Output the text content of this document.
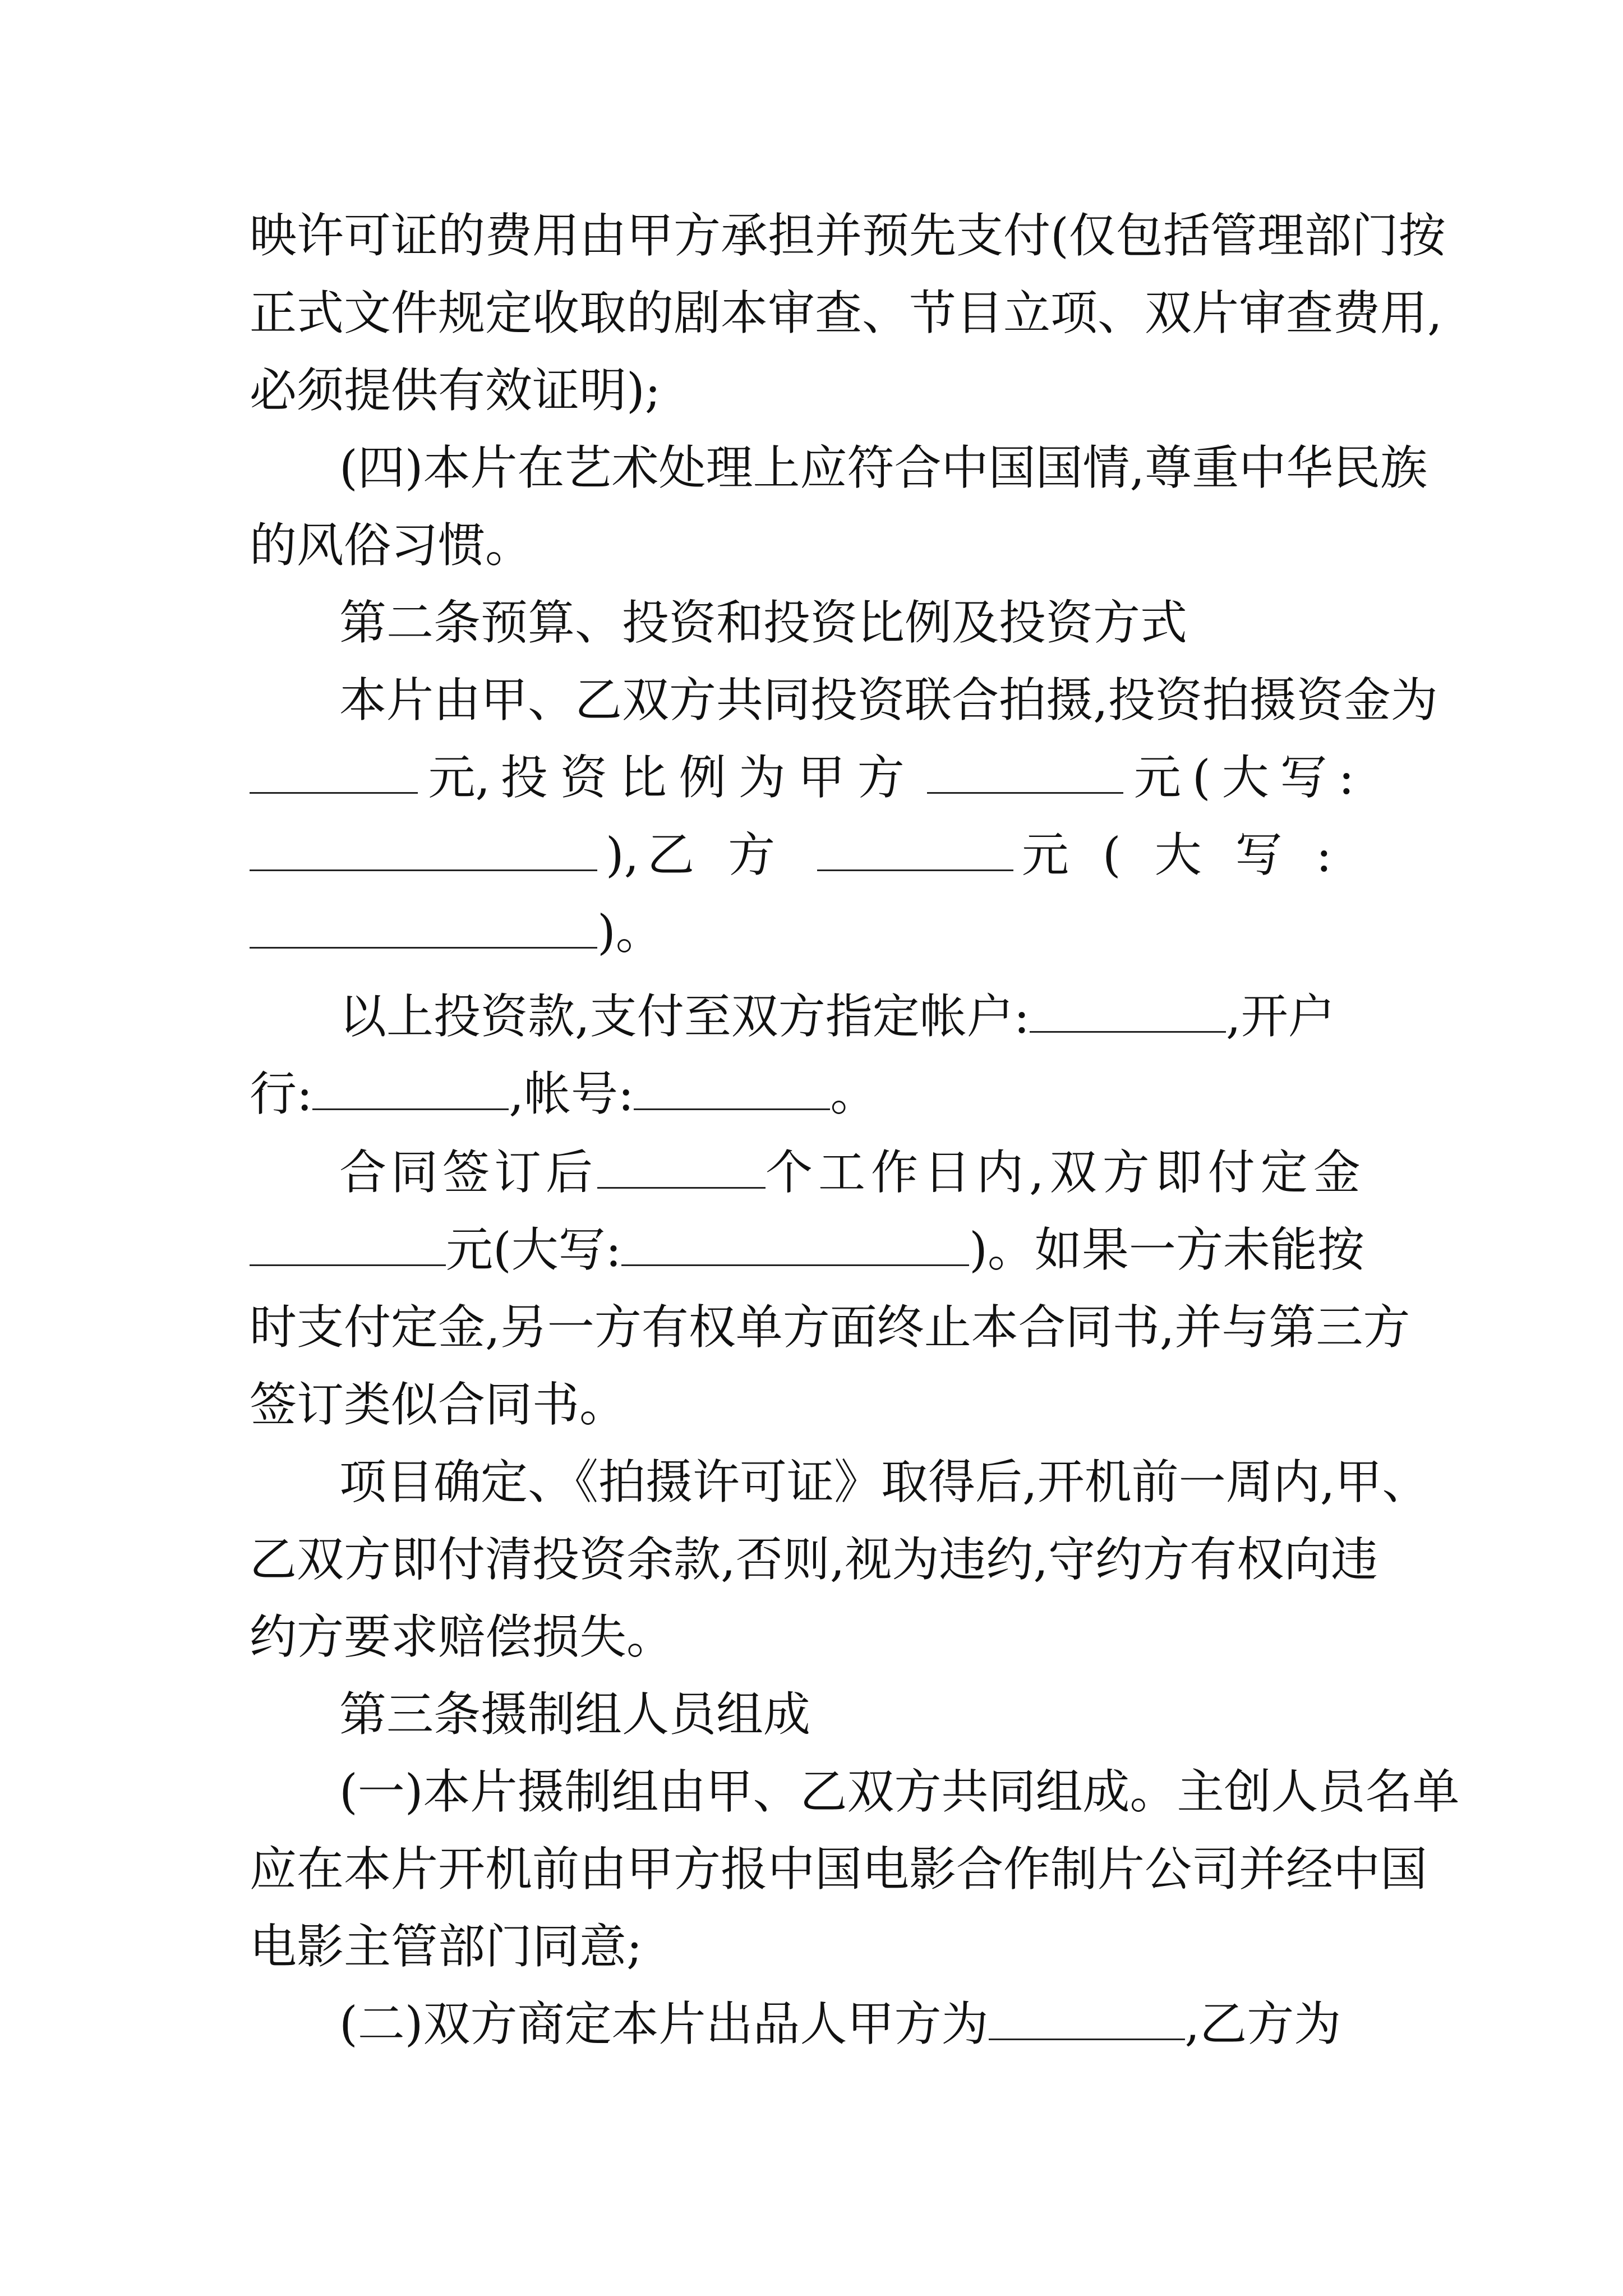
映许可证的费用由甲方承担并预先支付(仅包括管理部门按
正式文件规定收取的剧本审查、节目立项、双片审查费用,
必须提供有效证明);
(四)本片在艺术处理上应符合中国国情,尊重中华民族
的风俗习惯。
第二条预算、投资和投资比例及投资方式
本片由甲、乙双方共同投资联合拍摄,投资拍摄资金为
元, 投资比例为甲方	元(大写:
), 乙方	元(大写:
)。
以上投资款,支付至双方指定帐户:	,开户
行:	,帐号:	。
合同签订后	个工作日内,双方即付定金
元(大写:	)。如果一方未能按
时支付定金,另一方有权单方面终止本合同书,并与第三方
签订类似合同书。
项目确定、《拍摄许可证》取得后,开机前一周内,甲、
乙双方即付清投资余款,否则,视为违约,守约方有权向违
约方要求赔偿损失。
第三条摄制组人员组成
(一)本片摄制组由甲、乙双方共同组成。主创人员名单
应在本片开机前由甲方报中国电影合作制片公司并经中国
电影主管部门同意;
(二)双方商定本片出品人甲方为	,乙方为
